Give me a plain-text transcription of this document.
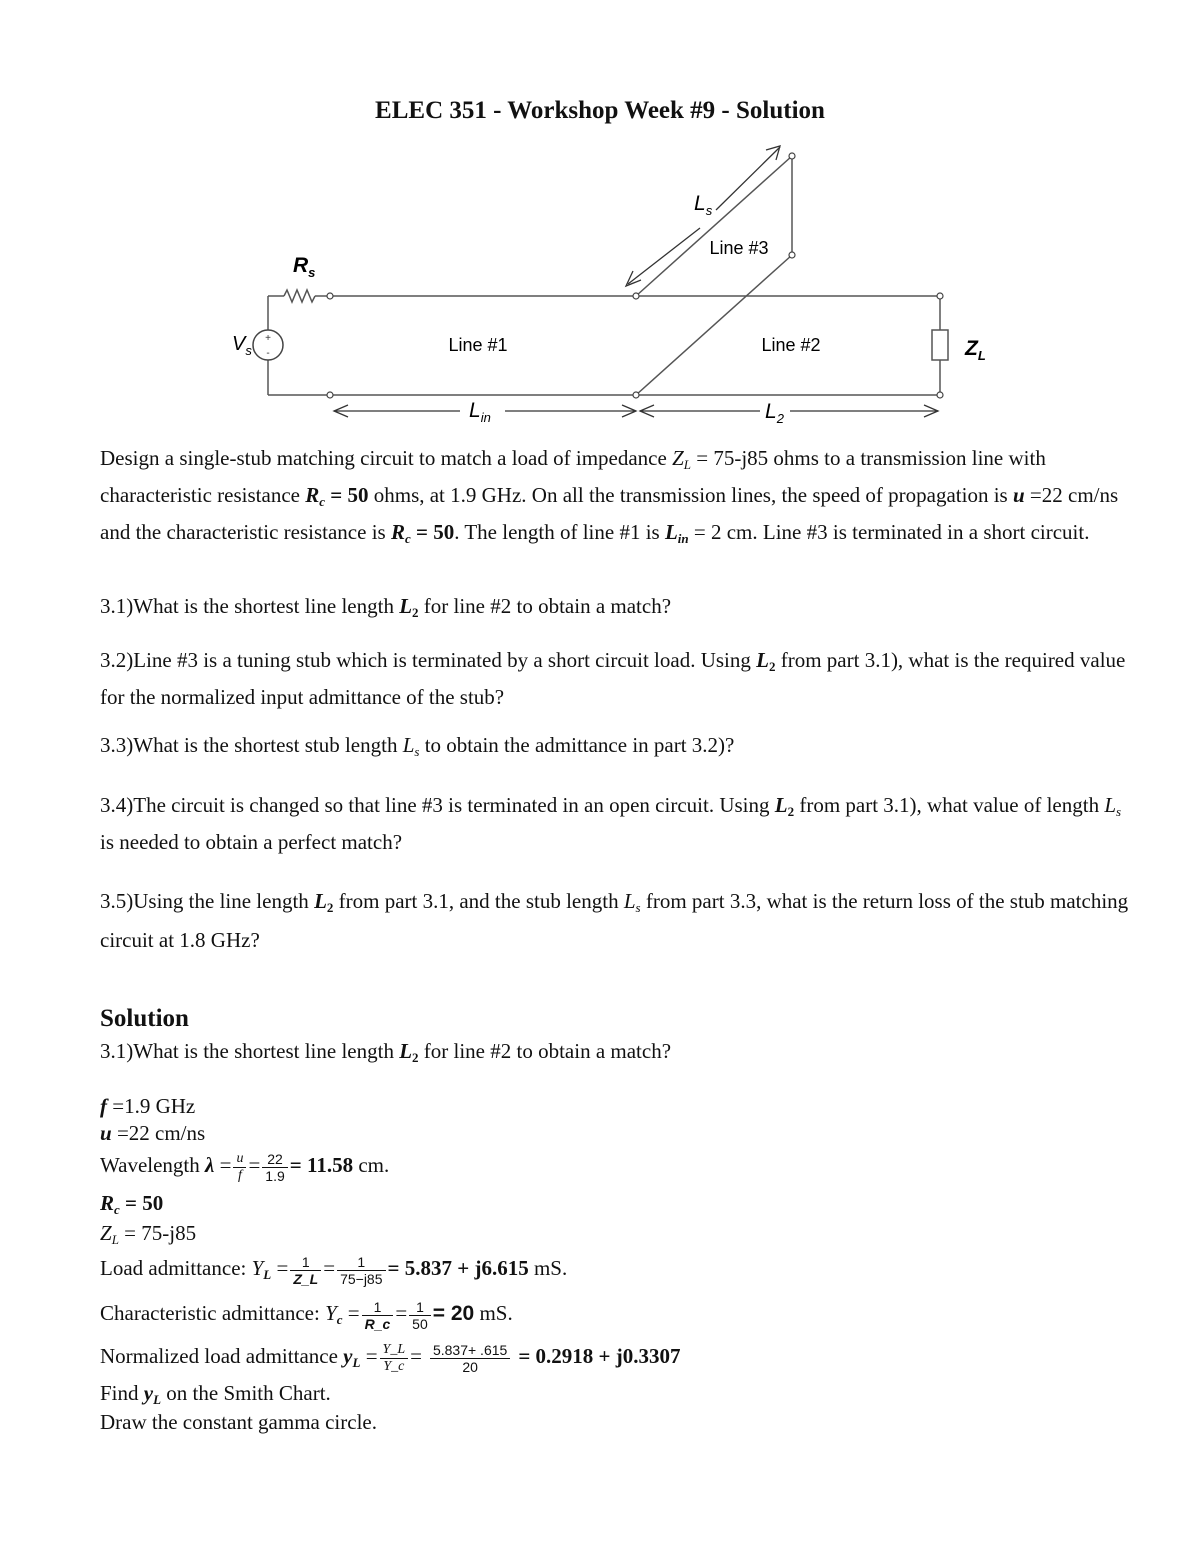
ELEC 351 - Workshop Week #9 - Solution
+
-
$V_s$
$R_s$
Line #1	Line #2
Line #3
$Z_L$
$L_{in}$	$L_2$
$L_s$
Design a single-stub matching circuit to match a load of impedance $Z_L = 75-j85$ ohms to a transmission line with characteristic resistance $R_c = 50$ ohms, at 1.9 GHz. On all the transmission lines, the speed of propagation is u =22 cm/ns and the characteristic resistance is $R_c = 50$. The length of line #1 is $L_{in} = 2$ cm. Line #3 is terminated in a short circuit.
3.1)What is the shortest line length $L_2$ for line #2 to obtain a match?
3.2)Line #3 is a tuning stub which is terminated by a short circuit load. Using $L_2$ from part 3.1), what is the required value for the normalized input admittance of the stub?
3.3)What is the shortest stub length $L_s$ to obtain the admittance in part 3.2)?
3.4)The circuit is changed so that line #3 is terminated in an open circuit. Using $L_2$ from part 3.1), what value of length $L_s$ is needed to obtain a perfect match?
3.5)Using the line length $L_2$ from part 3.1, and the stub length $L_s$ from part 3.3, what is the return loss of the stub matching circuit at 1.8 GHz?
Solution
3.1)What is the shortest line length $L_2$ for line #2 to obtain a match?
f =1.9 GHz
u =22 cm/ns
Wavelength $\lambda = \frac{u}{f} = \frac{22}{1.9} = 11.58$ cm.
$R_c = 50$
$Z_L = 75-j85$
Load admittance: $Y_L = \frac{1}{Z\_L} = \frac{1}{75-j85} = 5.837 + j6.615$ mS.
Characteristic admittance: $Y_c = \frac{1}{R\_c} = \frac{1}{50} = 20$ mS.
Normalized load admittance $y_L = \frac{Y\_L}{Y\_c} = \frac{5.837+ .615}{20} = 0.2918 + j0.3307$
Find $y_L$ on the Smith Chart.
Draw the constant gamma circle.
